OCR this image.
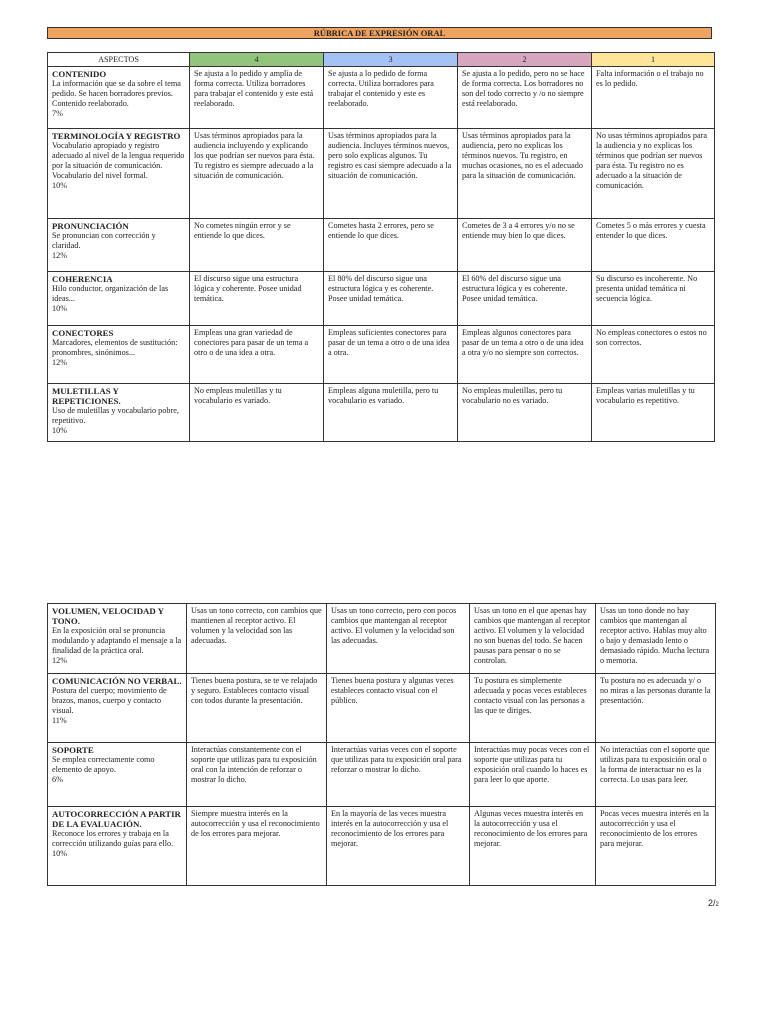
RÚBRICA DE EXPRESIÓN ORAL
ASPECTOS	4	3	2	1

CONTENIDO
La información que se da sobre el tema pedido. Se hacen borradores previos. Contenido reelaborado.
7%	Se ajusta a lo pedido y amplía de forma correcta. Utiliza borradores para trabajar el contenido y este está reelaborado.	Se ajusta a lo pedido de forma correcta. Utiliza borradores para trabajar el contenido y este es reelaborado.	Se ajusta a lo pedido, pero no se hace de forma correcta. Los borradores no son del todo correcto y /o no siempre está reelaborado.	Falta información o el trabajo no es lo pedido.

TERMINOLOGÍA Y REGISTRO
Vocabulario apropiado y registro adecuado al nivel de la lengua requerido por la situación de comunicación. Vocabulario del nivel formal.
10%	Usas términos apropiados para la audiencia incluyendo y explicando los que podrían ser nuevos para ésta. Tu registro es siempre adecuado a la situación de comunicación.	Usas términos apropiados para la audiencia. Incluyes términos nuevos, pero solo explicas algunos. Tu registro es casi siempre adecuado a la situación de comunicación.	Usas términos apropiados para la audiencia, pero no explicas los términos nuevos. Tu registro, en muchas ocasiones, no es el adecuado para la situación de comunicación.	No usas términos apropiados para la audiencia y no explicas los términos que podrían ser nuevos para ésta. Tu registro no es adecuado a la situación de comunicación.

PRONUNCIACIÓN
Se pronuncian con corrección y claridad.
12%	No cometes ningún error y se entiende lo que dices.	Cometes hasta 2 errores, pero se entiende lo que dices.	Cometes de 3 a 4 errores y/o no se entiende muy bien lo que dices.	Cometes 5 o más errores y cuesta entender lo que dices.

COHERENCIA
Hilo conductor, organización de las ideas...
10%	El discurso sigue una estructura lógica y coherente. Posee unidad temática.	El 80% del discurso sigue una estructura lógica y es coherente. Posee unidad temática.	El 60% del discurso sigue una estructura lógica y es coherente. Posee unidad temática.	Su discurso es incoherente. No presenta unidad temática ni secuencia lógica.

CONECTORES
Marcadores, elementos de sustitución: pronombres, sinónimos...
12%	Empleas una gran variedad de conectores para pasar de un tema a otro o de una idea a otra.	Empleas suficientes conectores para pasar de un tema a otro o de una idea a otra.	Empleas algunos conectores para pasar de un tema a otro o de una idea a otra y/o no siempre son correctos.	No empleas conectores o estos no son correctos.

MULETILLAS Y REPETICIONES.
Uso de muletillas y vocabulario pobre, repetitivo.
10%	No empleas muletillas y tu vocabulario es variado.	Empleas alguna muletilla, pero tu vocabulario es variado.	No empleas muletillas, pero tu vocabulario no es variado.	Empleas varias muletillas y tu vocabulario es repetitivo.
VOLUMEN, VELOCIDAD Y TONO.
En la exposición oral se pronuncia modulando y adaptando el mensaje a la finalidad de la práctica oral.
12%	Usas un tono correcto, con cambios que mantienen al receptor activo. El volumen y la velocidad son las adecuadas.	Usas un tono correcto, pero con pocos cambios que mantengan al receptor activo. El volumen y la velocidad son las adecuadas.	Usas un tono en el que apenas hay cambios que mantengan al receptor activo. El volumen y la velocidad no son buenas del todo. Se hacen pausas para pensar o no se controlan.	Usas un tono donde no hay cambios que mantengan al receptor activo. Hablas muy alto o bajo y demasiado lento o demasiado rápido. Mucha lectura o memoria.

COMUNICACIÓN NO VERBAL.
Postura del cuerpo; movimiento de brazos, manos, cuerpo y contacto visual.
11%	Tienes buena postura, se te ve relajado y seguro. Estableces contacto visual con todos durante la presentación.	Tienes buena postura y algunas veces estableces contacto visual con el público.	Tu postura es simplemente adecuada y pocas veces estableces contacto visual con las personas a las que te diriges.	Tu postura no es adecuada y/ o no miras a las personas durante la presentación.

SOPORTE
Se emplea correctamente como elemento de apoyo.
6%	Interactúas constantemente con el soporte que utilizas para tu exposición oral con la intención de reforzar o mostrar lo dicho.	Interactúas varias veces con el soporte que utilizas para tu exposición oral para reforzar o mostrar lo dicho.	Interactúas muy pocas veces con el soporte que utilizas para tu exposición oral cuando lo haces es para leer lo que aporte.	No interactúas con el soporte que utilizas para tu exposición oral o la forma de interactuar no es la correcta. Lo usas para leer.

AUTOCORRECCIÓN A PARTIR DE LA EVALUACIÓN.
Reconoce los errores y trabaja en la corrección utilizando guías para ello.
10%	Siempre muestra interés en la autocorrección y usa el reconocimiento de los errores para mejorar.	En la mayoría de las veces muestra interés en la autocorrección y usa el reconocimiento de los errores para mejorar.	Algunas veces muestra interés en la autocorrección y usa el reconocimiento de los errores para mejorar.	Pocas veces muestra interés en la autocorrección y usa el reconocimiento de los errores para mejorar.
2/2
